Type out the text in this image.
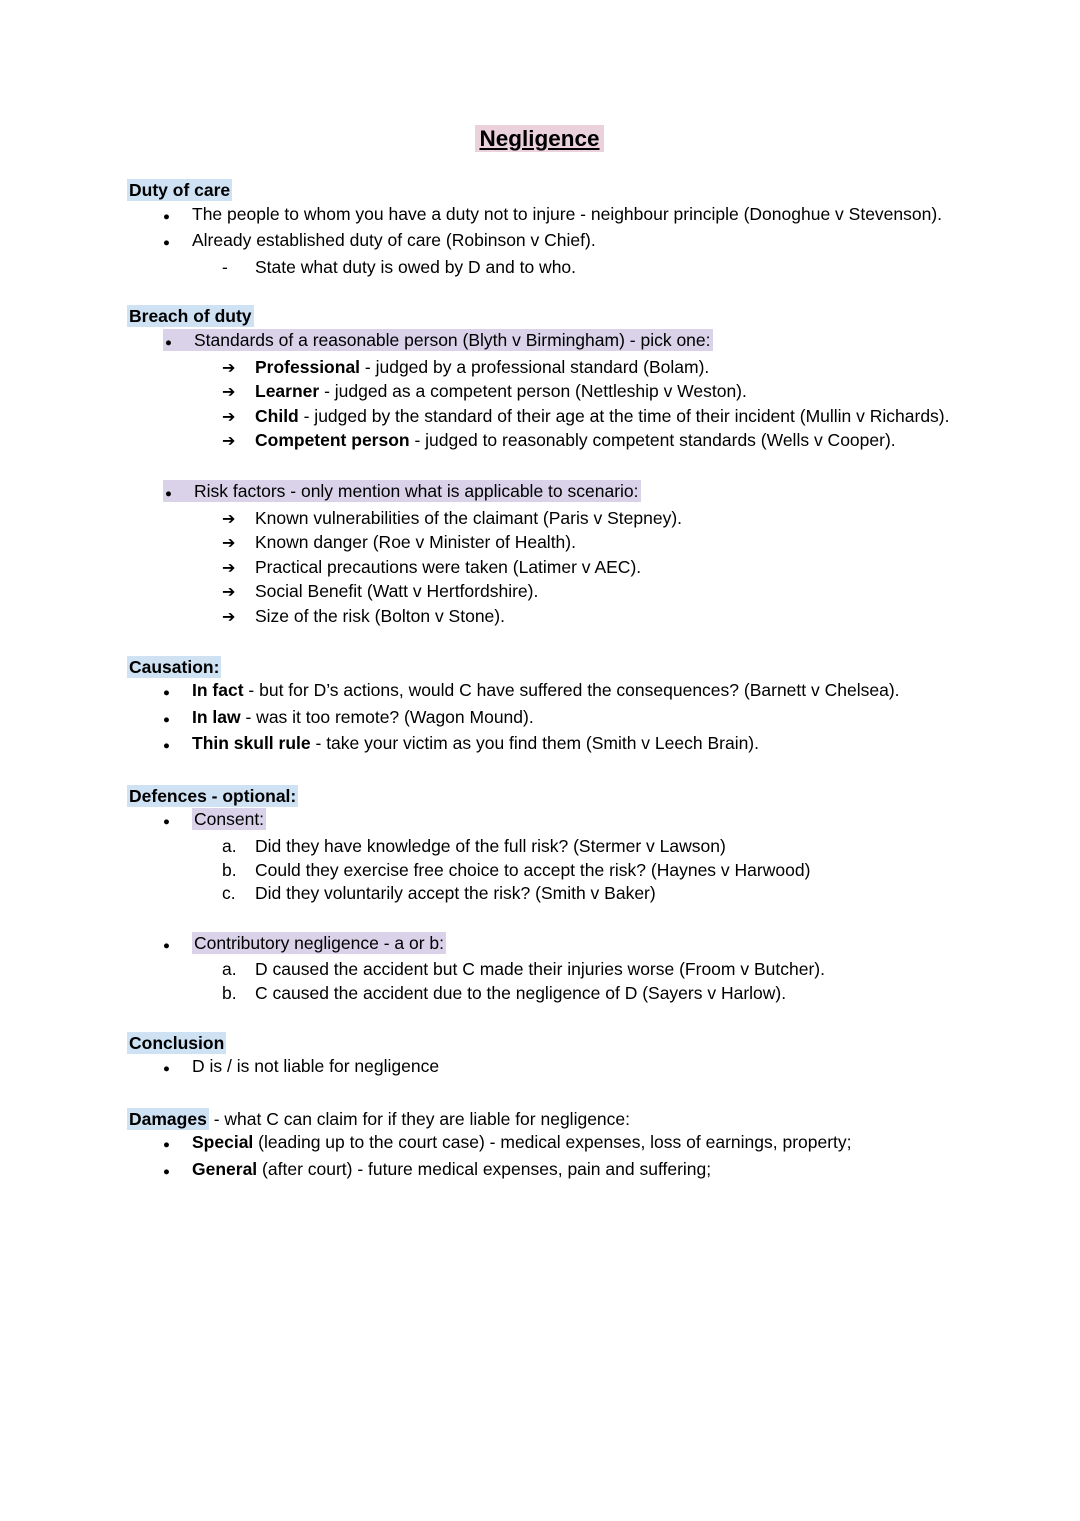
Negligence
Duty of care
● The people to whom you have a duty not to injure - neighbour principle (Donoghue v Stevenson).
● Already established duty of care (Robinson v Chief).
- State what duty is owed by D and to who.
Breach of duty
● Standards of a reasonable person (Blyth v Birmingham) - pick one:
➔ Professional - judged by a professional standard (Bolam).
➔ Learner - judged as a competent person (Nettleship v Weston).
➔ Child - judged by the standard of their age at the time of their incident (Mullin v Richards).
➔ Competent person - judged to reasonably competent standards (Wells v Cooper).
● Risk factors - only mention what is applicable to scenario:
➔ Known vulnerabilities of the claimant (Paris v Stepney).
➔ Known danger (Roe v Minister of Health).
➔ Practical precautions were taken (Latimer v AEC).
➔ Social Benefit (Watt v Hertfordshire).
➔ Size of the risk (Bolton v Stone).
Causation:
● In fact - but for D’s actions, would C have suffered the consequences? (Barnett v Chelsea).
● In law - was it too remote? (Wagon Mound).
● Thin skull rule - take your victim as you find them (Smith v Leech Brain).
Defences - optional:
● Consent:
a. Did they have knowledge of the full risk? (Stermer v Lawson)
b. Could they exercise free choice to accept the risk? (Haynes v Harwood)
c. Did they voluntarily accept the risk? (Smith v Baker)
● Contributory negligence - a or b:
a. D caused the accident but C made their injuries worse (Froom v Butcher).
b. C caused the accident due to the negligence of D (Sayers v Harlow).
Conclusion
● D is / is not liable for negligence
Damages - what C can claim for if they are liable for negligence:
● Special (leading up to the court case) - medical expenses, loss of earnings, property;
● General (after court) - future medical expenses, pain and suffering;
